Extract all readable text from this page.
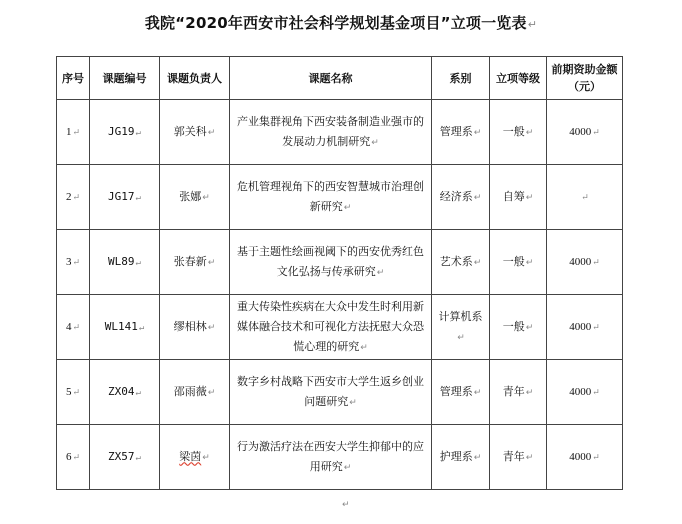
我院“2020年西安市社会科学规划基金项目”立项一览表↵
序号	课题编号	课题负责人	课题名称	系别	立项等级	前期资助金额（元）
1↵	JG19↵	郭关科↵	产业集群视角下西安装备制造业强市的发展动力机制研究↵	管理系↵	一般↵	4000↵
2↵	JG17↵	张娜↵	危机管理视角下的西安智慧城市治理创新研究↵	经济系↵	自筹↵	↵
3↵	WL89↵	张春新↵	基于主题性绘画视阈下的西安优秀红色文化弘扬与传承研究↵	艺术系↵	一般↵	4000↵
4↵	WL141↵	缪相林↵	重大传染性疾病在大众中发生时利用新媒体融合技术和可视化方法抚慰大众恐慌心理的研究↵	计算机系↵	一般↵	4000↵
5↵	ZX04↵	邵雨薇↵	数字乡村战略下西安市大学生返乡创业问题研究↵	管理系↵	青年↵	4000↵
6↵	ZX57↵	梁茵↵	行为激活疗法在西安大学生抑郁中的应用研究↵	护理系↵	青年↵	4000↵
↵
